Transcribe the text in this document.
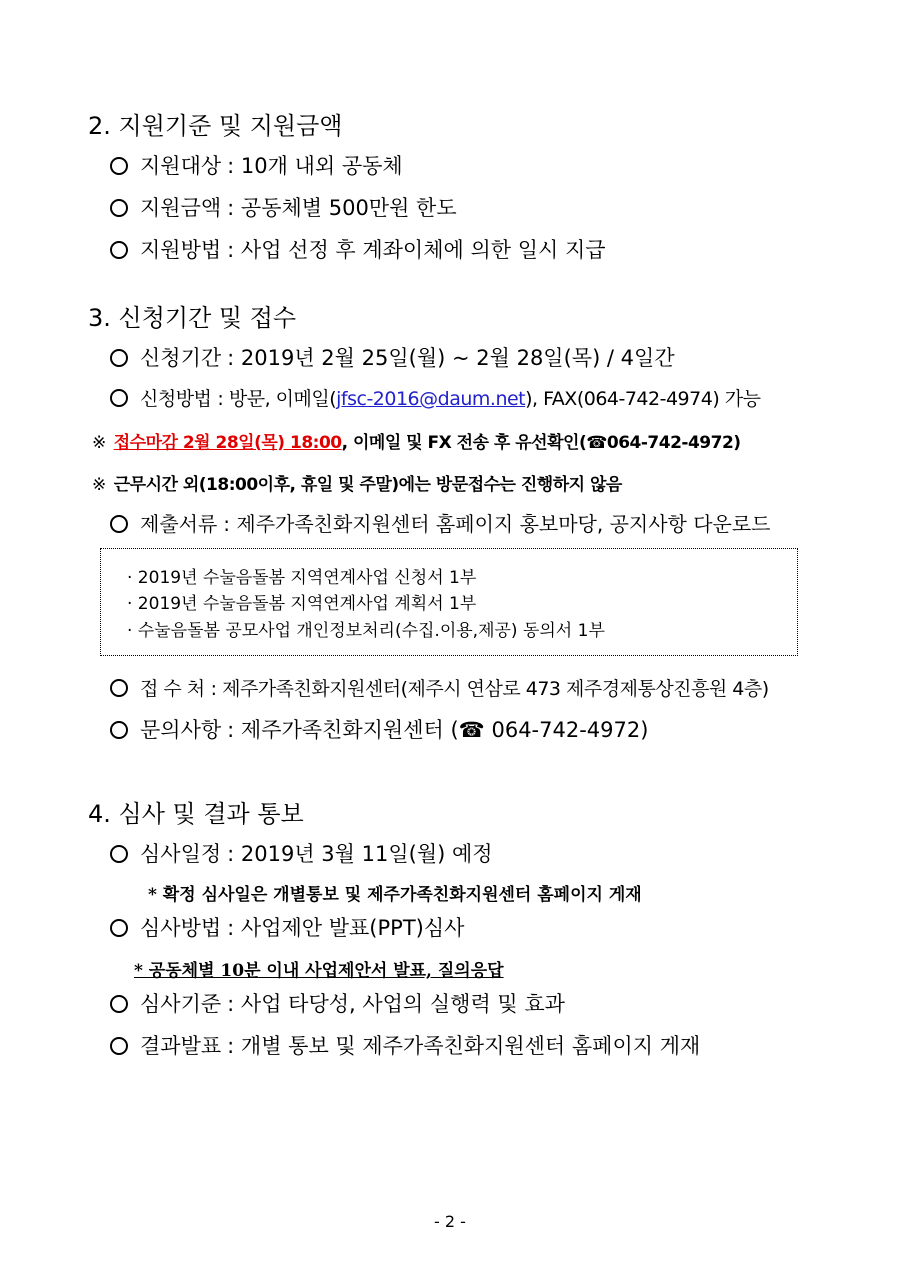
2. 지원기준 및 지원금액
지원대상 : 10개 내외 공동체
지원금액 : 공동체별 500만원 한도
지원방법 : 사업 선정 후 계좌이체에 의한 일시 지급
3. 신청기간 및 접수
신청기간 : 2019년 2월 25일(월) ~ 2월 28일(목) / 4일간
신청방법 : 방문, 이메일(jfsc-2016@daum.net), FAX(064-742-4974) 가능
※ 접수마감 2월 28일(목) 18:00, 이메일 및 FX 전송 후 유선확인(☎064-742-4972)
※ 근무시간 외(18:00이후, 휴일 및 주말)에는 방문접수는 진행하지 않음
제출서류 : 제주가족친화지원센터 홈페이지 홍보마당, 공지사항 다운로드
· 2019년 수눌음돌봄 지역연계사업 신청서 1부
· 2019년 수눌음돌봄 지역연계사업 계획서 1부
· 수눌음돌봄 공모사업 개인정보처리(수집.이용,제공) 동의서 1부
접 수 처 : 제주가족친화지원센터(제주시 연삼로 473 제주경제통상진흥원 4층)
문의사항 : 제주가족친화지원센터 (☎ 064-742-4972)
4. 심사 및 결과 통보
심사일정 : 2019년 3월 11일(월) 예정
* 확정 심사일은 개별통보 및 제주가족친화지원센터 홈페이지 게재
심사방법 : 사업제안 발표(PPT)심사
* 공동체별 10분 이내 사업제안서 발표, 질의응답
심사기준 : 사업 타당성, 사업의 실행력 및 효과
결과발표 : 개별 통보 및 제주가족친화지원센터 홈페이지 게재
- 2 -
